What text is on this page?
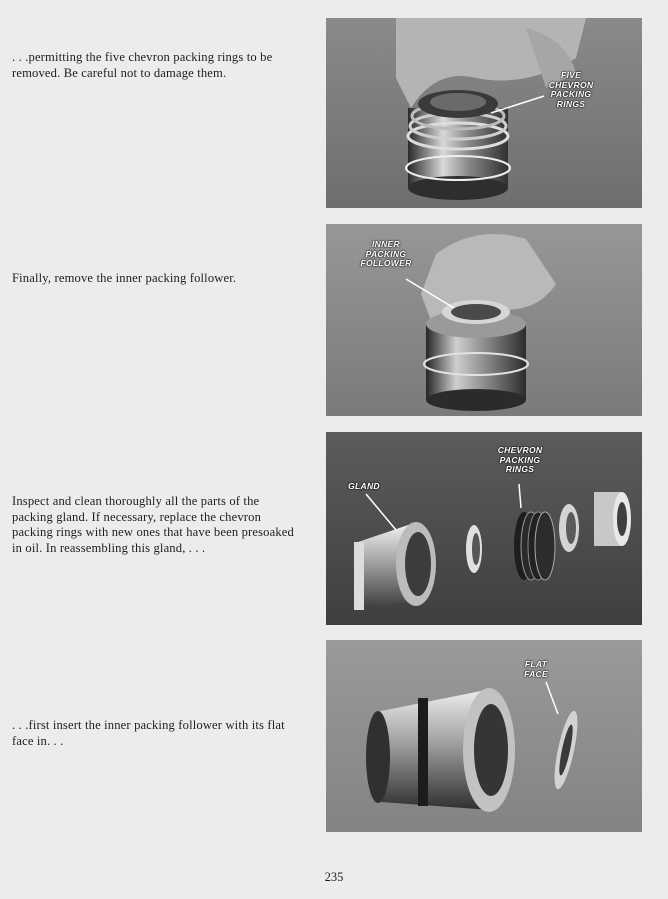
. . .permitting the five chevron packing rings to be removed. Be careful not to damage them.
Finally, remove the inner packing follower.
Inspect and clean thoroughly all the parts of the packing gland. If necessary, replace the chevron packing rings with new ones that have been presoaked in oil. In reassembling this gland, . . .
. . .first insert the inner packing follower with its flat face in. . .
FIVE
CHEVRON
PACKING
RINGS
INNER
PACKING
FOLLOWER
GLAND
CHEVRON
PACKING
RINGS
FLAT
FACE
235
